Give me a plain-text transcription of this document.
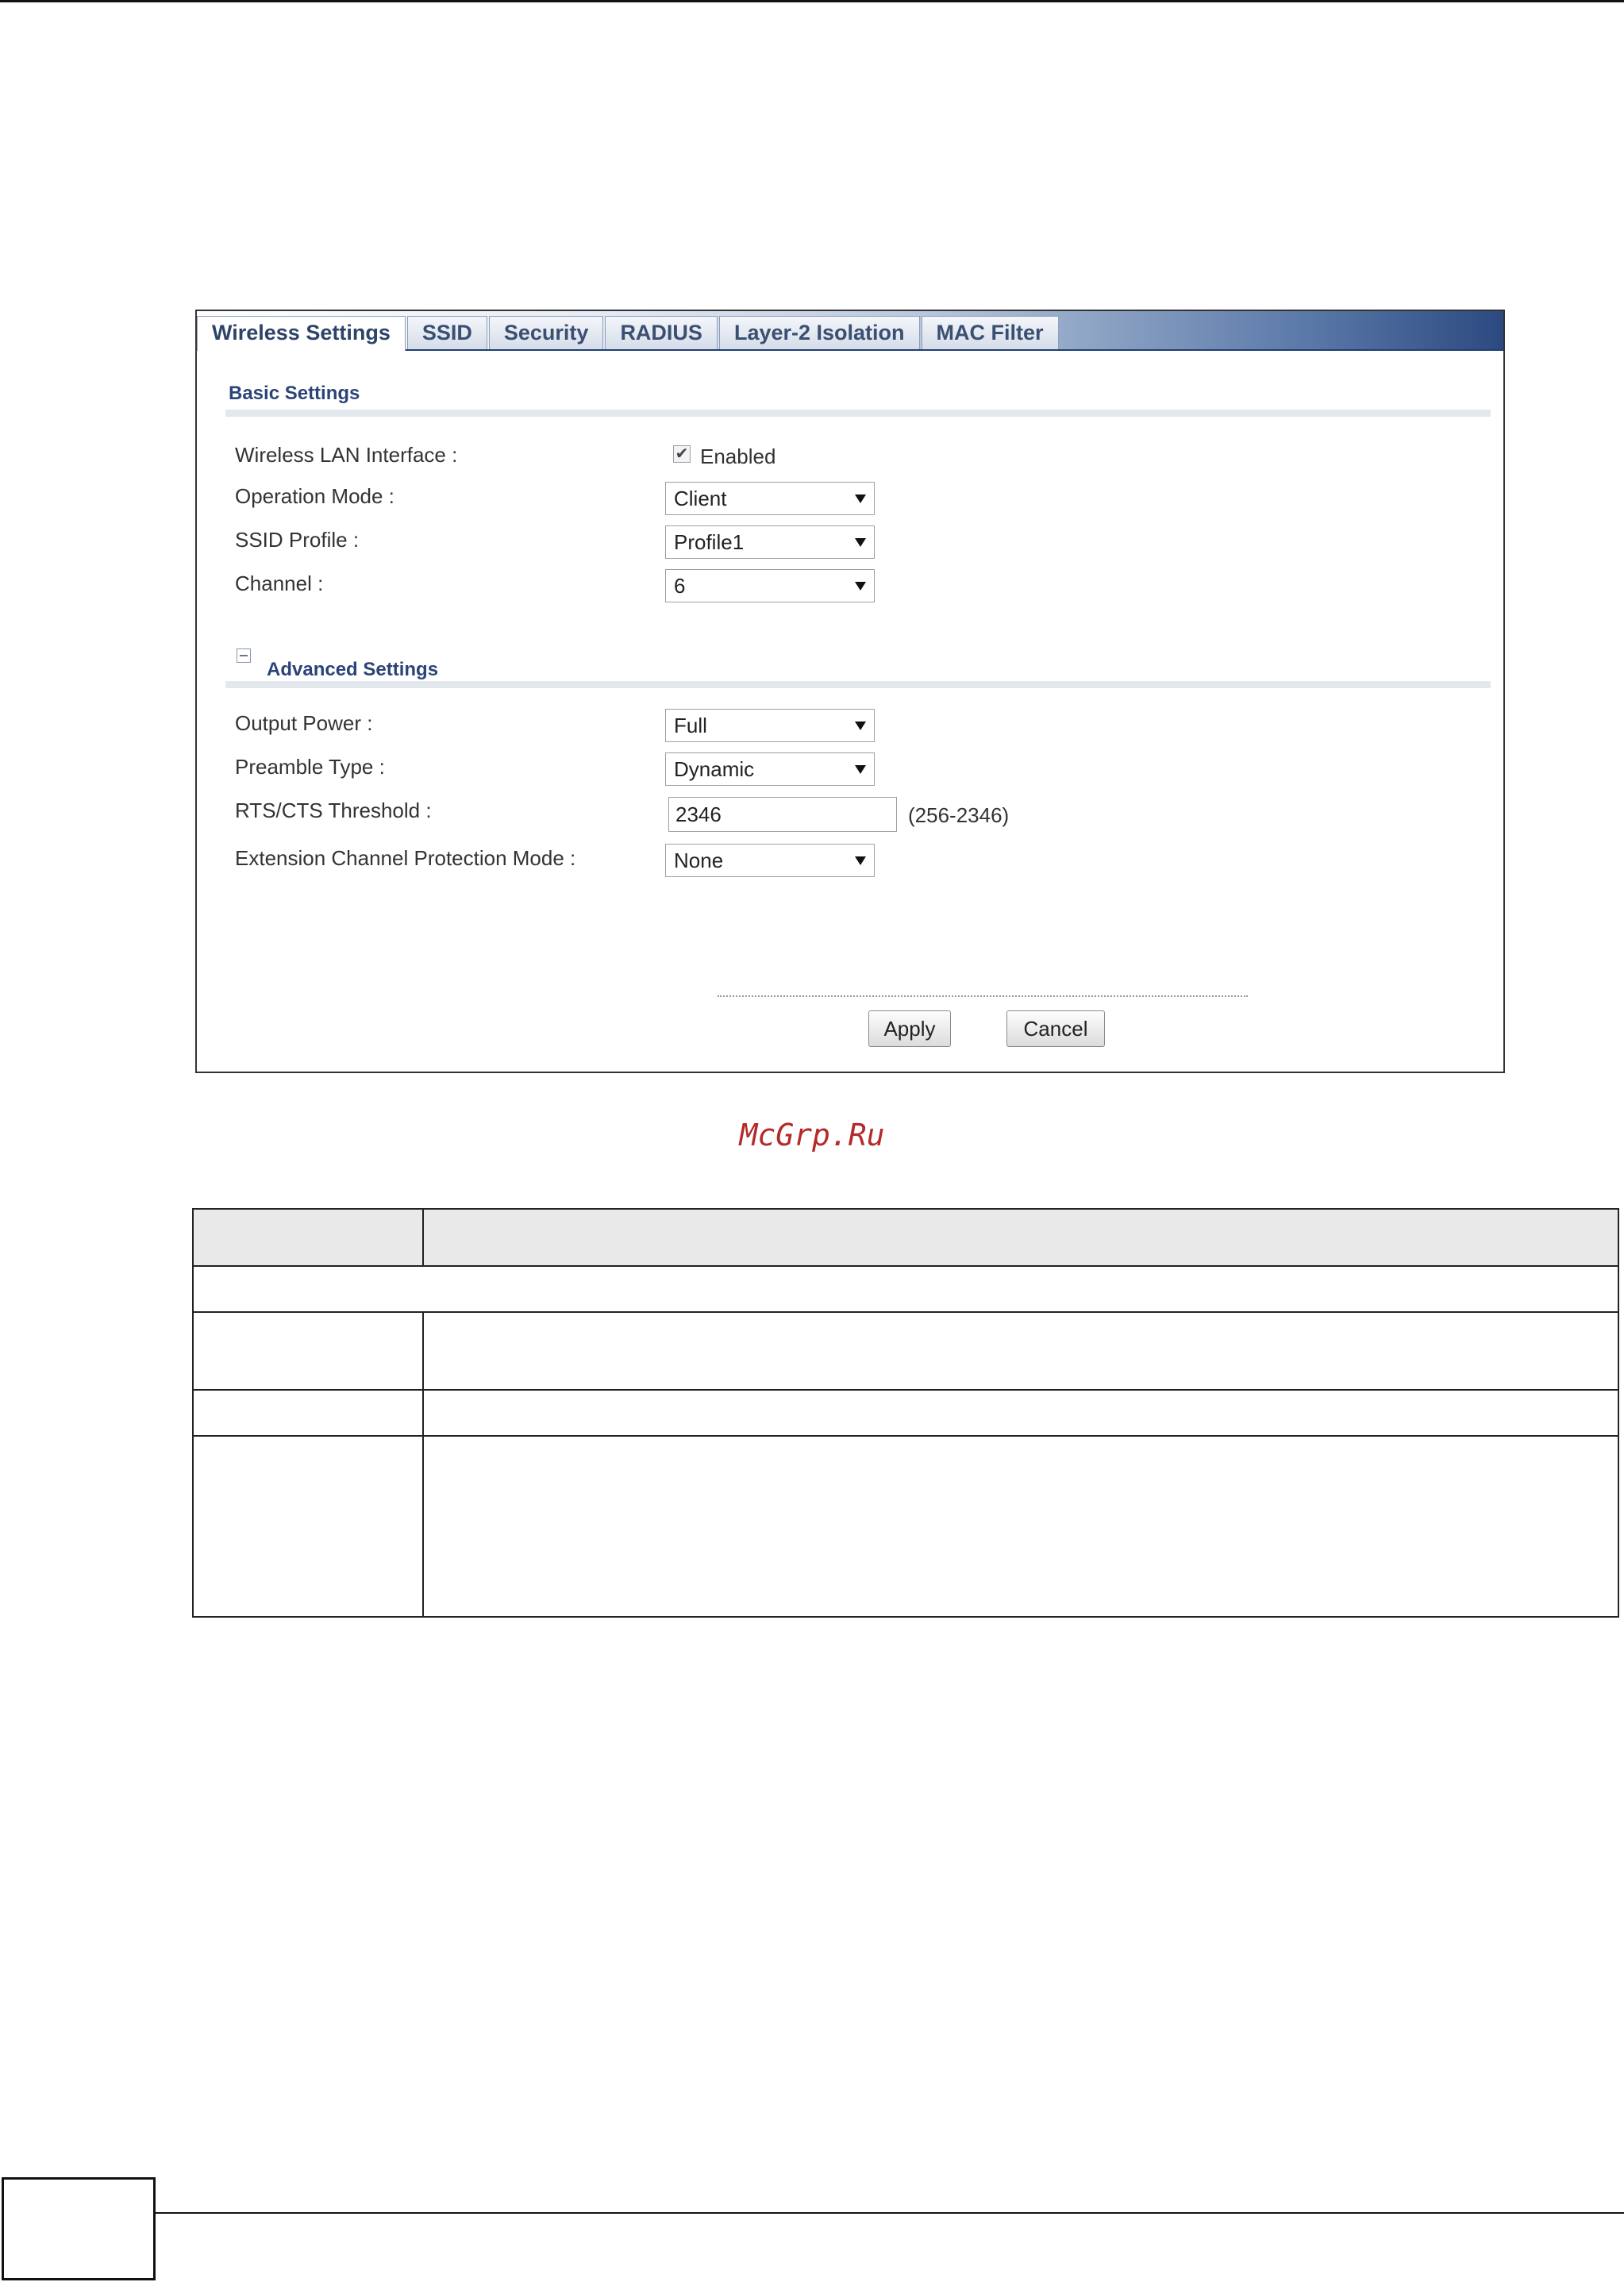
Wireless Settings	SSID	Security	RADIUS	Layer-2 Isolation	MAC Filter
Basic Settings
Wireless LAN Interface :	✔ Enabled
Operation Mode :	Client
SSID Profile :	Profile1
Channel :	6
Advanced Settings
Output Power :	Full
Preamble Type :	Dynamic
RTS/CTS Threshold :	2346	(256-2346)
Extension Channel Protection Mode :	None
Apply	Cancel
McGrp.Ru
